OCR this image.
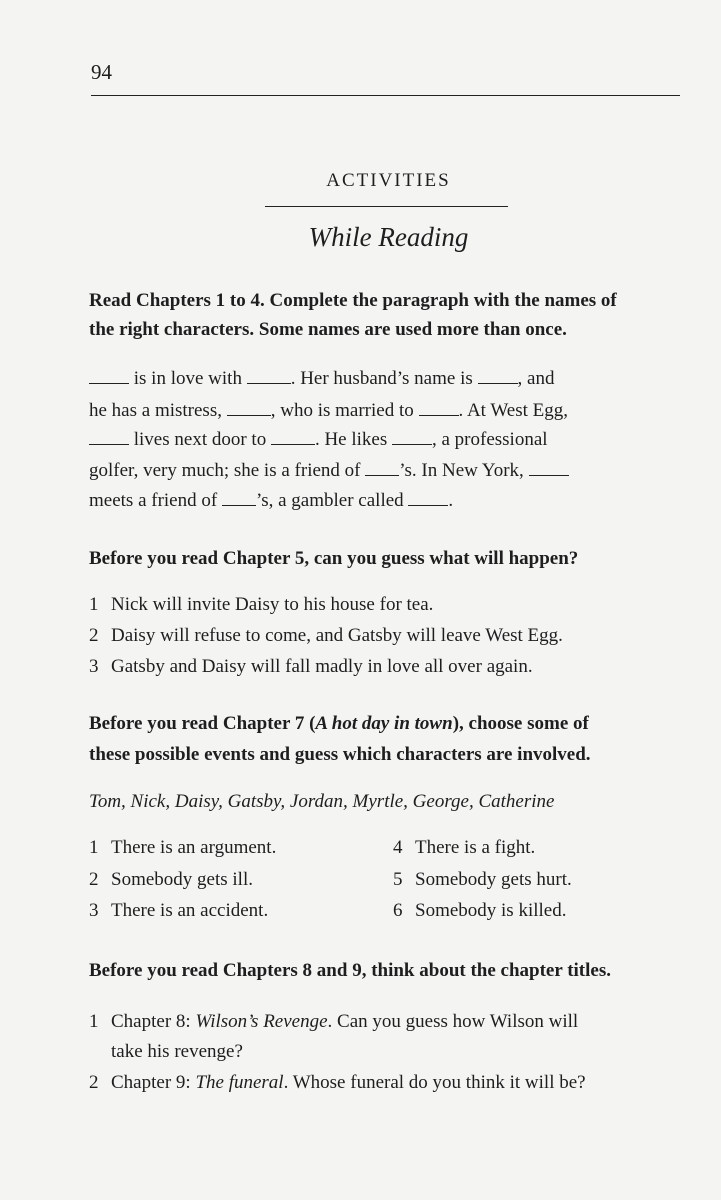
94
ACTIVITIES
While Reading
Read Chapters 1 to 4. Complete the paragraph with the names of
the right characters. Some names are used more than once.
is in love with	. Her husband’s name is , and
he has a mistress,	, who is married to . At West Egg,
lives next door to	. He likes , a professional
golfer, very much; she is a friend of ’s. In New York,
meets a friend of ’s, a gambler called .
Before you read Chapter 5, can you guess what will happen?
1 Nick will invite Daisy to his house for tea.
2 Daisy will refuse to come, and Gatsby will leave West Egg.
3 Gatsby and Daisy will fall madly in love all over again.
Before you read Chapter 7 (A hot day in town), choose some of
these possible events and guess which characters are involved.
Tom, Nick, Daisy, Gatsby, Jordan, Myrtle, George, Catherine
1 There is an argument.
2 Somebody gets ill.
3 There is an accident.
4 There is a fight.
5 Somebody gets hurt.
6 Somebody is killed.
Before you read Chapters 8 and 9, think about the chapter titles.
1 Chapter 8: Wilson’s Revenge. Can you guess how Wilson will
take his revenge?
2 Chapter 9: The funeral. Whose funeral do you think it will be?
